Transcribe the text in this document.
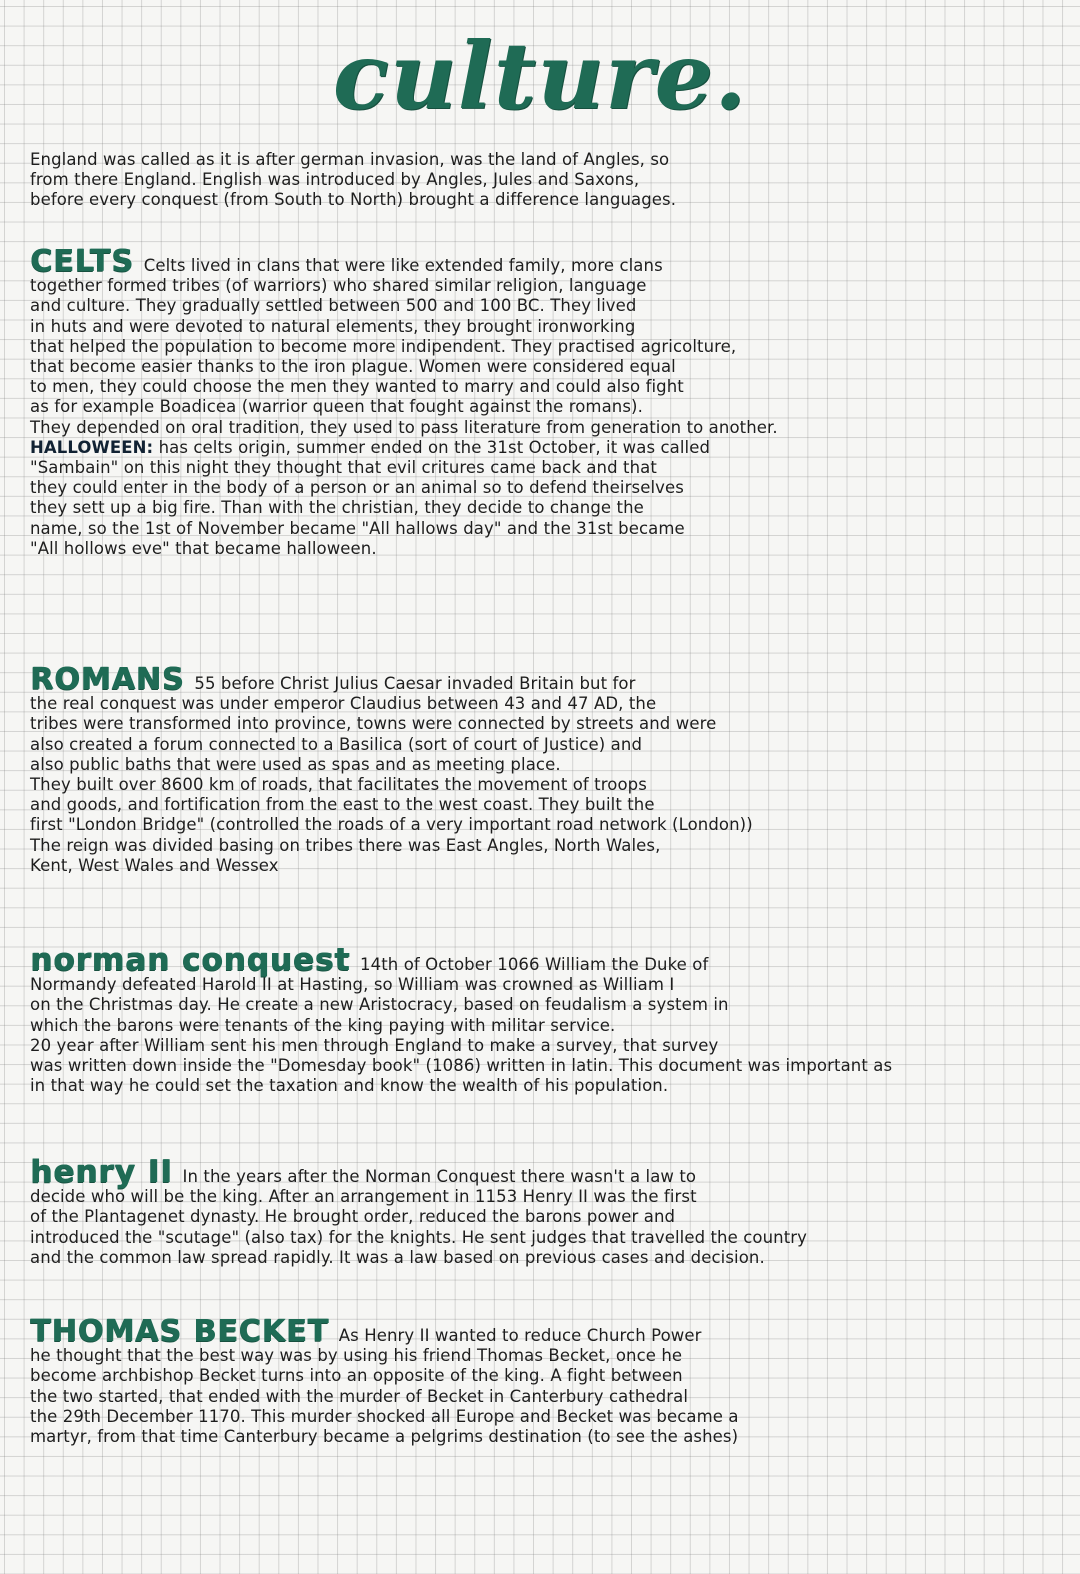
culture.
England was called as it is after german invasion, was the land of Angles, so
from there England. English was introduced by Angles, Jules and Saxons,
before every conquest (from South to North) brought a difference languages.
CELTS Celts lived in clans that were like extended family, more clans
together formed tribes (of warriors) who shared similar religion, language
and culture. They gradually settled between 500 and 100 BC. They lived
in huts and were devoted to natural elements, they brought ironworking
that helped the population to become more indipendent. They practised agricolture,
that become easier thanks to the iron plague. Women were considered equal
to men, they could choose the men they wanted to marry and could also fight
as for example Boadicea (warrior queen that fought against the romans).
They depended on oral tradition, they used to pass literature from generation to another.
HALLOWEEN: has celts origin, summer ended on the 31st October, it was called
"Sambain" on this night they thought that evil critures came back and that
they could enter in the body of a person or an animal so to defend theirselves
they sett up a big fire. Than with the christian, they decide to change the
name, so the 1st of November became "All hallows day" and the 31st became
"All hollows eve" that became halloween.
ROMANS 55 before Christ Julius Caesar invaded Britain but for
the real conquest was under emperor Claudius between 43 and 47 AD, the
tribes were transformed into province, towns were connected by streets and were
also created a forum connected to a Basilica (sort of court of Justice) and
also public baths that were used as spas and as meeting place.
They built over 8600 km of roads, that facilitates the movement of troops
and goods, and fortification from the east to the west coast. They built the
first "London Bridge" (controlled the roads of a very important road network (London))
The reign was divided basing on tribes there was East Angles, North Wales,
Kent, West Wales and Wessex
norman conquest 14th of October 1066 William the Duke of
Normandy defeated Harold II at Hasting, so William was crowned as William I
on the Christmas day. He create a new Aristocracy, based on feudalism a system in
which the barons were tenants of the king paying with militar service.
20 year after William sent his men through England to make a survey, that survey
was written down inside the "Domesday book" (1086) written in latin. This document was important as
in that way he could set the taxation and know the wealth of his population.
henry II In the years after the Norman Conquest there wasn't a law to
decide who will be the king. After an arrangement in 1153 Henry II was the first
of the Plantagenet dynasty. He brought order, reduced the barons power and
introduced the "scutage" (also tax) for the knights. He sent judges that travelled the country
and the common law spread rapidly. It was a law based on previous cases and decision.
THOMAS BECKET As Henry II wanted to reduce Church Power
he thought that the best way was by using his friend Thomas Becket, once he
become archbishop Becket turns into an opposite of the king. A fight between
the two started, that ended with the murder of Becket in Canterbury cathedral
the 29th December 1170. This murder shocked all Europe and Becket was became a
martyr, from that time Canterbury became a pelgrims destination (to see the ashes)
